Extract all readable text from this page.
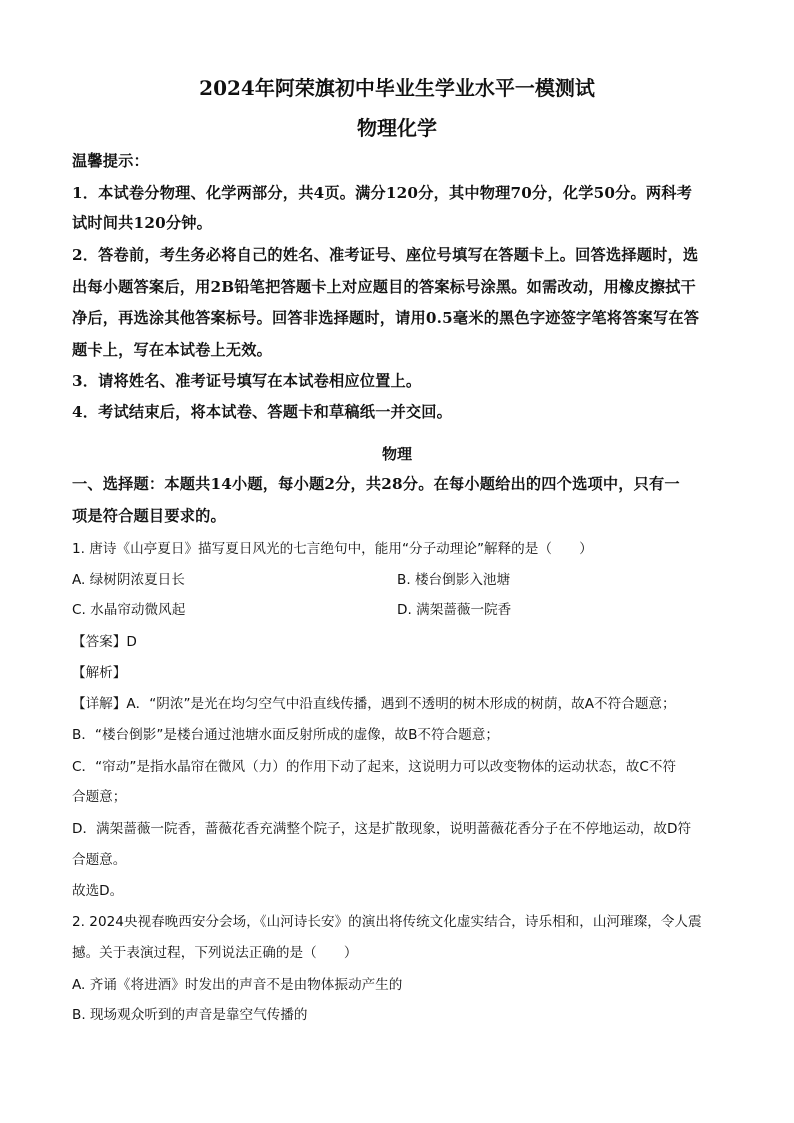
2024年阿荣旗初中毕业生学业水平一模测试
物理化学
温馨提示：
1．本试卷分物理、化学两部分，共4页。满分120分，其中物理70分，化学50分。两科考
试时间共120分钟。
2．答卷前，考生务必将自己的姓名、准考证号、座位号填写在答题卡上。回答选择题时，选
出每小题答案后，用2B铅笔把答题卡上对应题目的答案标号涂黑。如需改动，用橡皮擦拭干
净后，再选涂其他答案标号。回答非选择题时，请用0.5毫米的黑色字迹签字笔将答案写在答
题卡上，写在本试卷上无效。
3．请将姓名、准考证号填写在本试卷相应位置上。
4．考试结束后，将本试卷、答题卡和草稿纸一并交回。
物理
一、选择题：本题共14小题，每小题2分，共28分。在每小题给出的四个选项中，只有一
项是符合题目要求的。
1. 唐诗《山亭夏日》描写夏日风光的七言绝句中，能用“分子动理论”解释的是（　　）
A. 绿树阴浓夏日长	B. 楼台倒影入池塘
C. 水晶帘动微风起	D. 满架蔷薇一院香
【答案】D
【解析】
【详解】A．“阴浓”是光在均匀空气中沿直线传播，遇到不透明的树木形成的树荫，故A不符合题意；
B．“楼台倒影”是楼台通过池塘水面反射所成的虚像，故B不符合题意；
C．“帘动”是指水晶帘在微风（力）的作用下动了起来，这说明力可以改变物体的运动状态，故C不符
合题意；
D．满架蔷薇一院香，蔷薇花香充满整个院子，这是扩散现象，说明蔷薇花香分子在不停地运动，故D符
合题意。
故选D。
2. 2024央视春晚西安分会场，《山河诗长安》的演出将传统文化虚实结合，诗乐相和，山河璀璨，令人震
撼。关于表演过程，下列说法正确的是（　　）
A. 齐诵《将进酒》时发出的声音不是由物体振动产生的
B. 现场观众听到的声音是靠空气传播的
